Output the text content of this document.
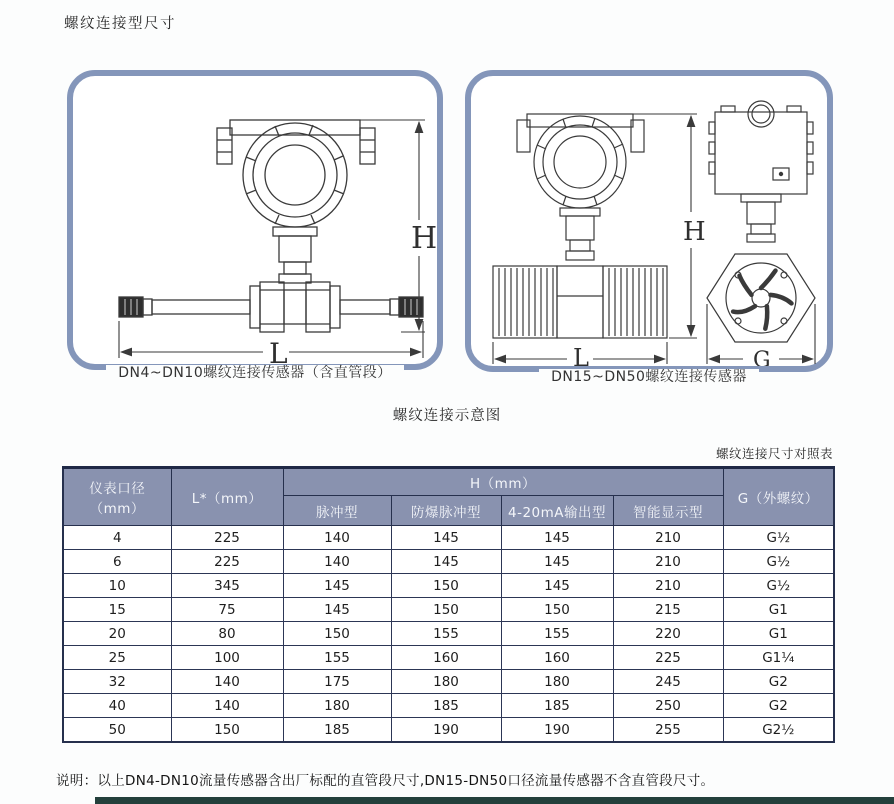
螺纹连接型尺寸
H
L
H
L	G
DN4~DN10螺纹连接传感器（含直管段）	DN15~DN50螺纹连接传感器
螺纹连接示意图
螺纹连接尺寸对照表
仪表口径
（mm）	L*（mm）	H（mm）				G（外螺纹）
		脉冲型	防爆脉冲型	4-20mA输出型	智能显示型	
4	225	140	145	145	210	G½
6	225	140	145	145	210	G½
10	345	145	150	145	210	G½
15	75	145	150	150	215	G1
20	80	150	155	155	220	G1
25	100	155	160	160	225	G1¼
32	140	175	180	180	245	G2
40	140	180	185	185	250	G2
50	150	185	190	190	255	G2½
说明：以上DN4-DN10流量传感器含出厂标配的直管段尺寸,DN15-DN50口径流量传感器不含直管段尺寸。
